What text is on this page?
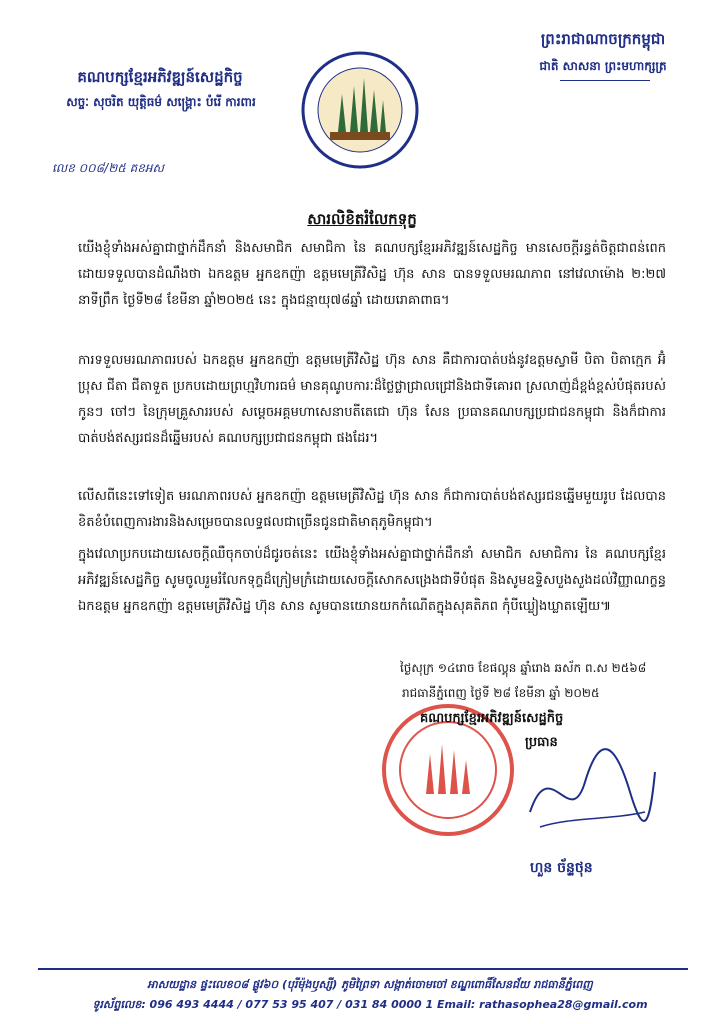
គណបក្សខ្មែរអភិវឌ្ឍន៍សេដ្ឋកិច្ច
សច្ចៈ សុចរិត យុត្តិធម៌ សង្គ្រោះ បំរើ ការពារ
លេខ ០០៨/២៥ គខអស
ព្រះរាជាណាចក្រកម្ពុជា
ជាតិ សាសនា ព្រះមហាក្សត្រ
សារលិខិតរំលែកទុក្ខ
យើងខ្ញុំទាំងអស់គ្នាជាថ្នាក់ដឹកនាំ និងសមាជិក សមាជិកា នៃ គណបក្សខ្មែរអភិវឌ្ឍន៍សេដ្ឋកិច្ច មានសេចក្តីរន្ធត់ចិត្តជាពន់ពេក ដោយទទួលបានដំណឹងថា ឯកឧត្តម អ្នកឧកញ៉ា ឧត្តមមេត្រីវិសិដ្ឋ ហ៊ុន សាន បានទទួលមរណភាព នៅវេលាម៉ោង ២:២៧ នាទីព្រឹក ថ្ងៃទី២៨ ខែមីនា ឆ្នាំ២០២៥ នេះ ក្នុងជន្មាយុ៧៨ឆ្នាំ ដោយរោគាពាធ។
ការទទួលមរណភាពរបស់ ឯកឧត្តម អ្នកឧកញ៉ា ឧត្តមមេត្រីវិសិដ្ឋ ហ៊ុន សាន គឺជាការបាត់បង់នូវឧត្តមស្វាមី បិតា បិតាក្មេក អ៊ំប្រុស ជីតា ជីតាទួត ប្រកបដោយព្រហ្មវិហារធម៌ មានគុណូបការៈដ៏ថ្លៃថ្លាជ្រាលជ្រៅនិងជាទីគោរព ស្រលាញ់ដ៏ខ្ពង់ខ្ពស់បំផុតរបស់កូនៗ ចៅៗ នៃក្រុមគ្រួសាររបស់ សម្តេចអគ្គមហាសេនាបតីតេជោ ហ៊ុន សែន ប្រធានគណបក្សប្រជាជនកម្ពុជា និងក៏ជាការបាត់បង់ឥស្សរជនដ៏ឆ្នើមរបស់ គណបក្សប្រជាជនកម្ពុជា ផងដែរ។
លើសពីនេះទៅទៀត មរណភាពរបស់ អ្នកឧកញ៉ា ឧត្តមមេត្រីវិសិដ្ឋ ហ៊ុន សាន ក៏ជាការបាត់បង់ឥស្សរជនឆ្នើមមួយរូប ដែលបានខិតខំបំពេញការងារនិងសម្រេចបានលទ្ធផលជាច្រើនជូនជាតិមាតុភូមិកម្ពុជា។
ក្នុងវេលាប្រកបដោយសេចក្តីឈឺចុកចាប់ដ៏ជូរចត់នេះ យើងខ្ញុំទាំងអស់គ្នាជាថ្នាក់ដឹកនាំ សមាជិក សមាជិការ នៃ គណបក្សខ្មែរអភិវឌ្ឍន៍សេដ្ឋកិច្ច សូមចូលរួមរំលែកទុក្ខដ៏ក្រៀមក្រំដោយសេចក្តីសោកសង្រេងជាទីបំផុត និងសូមឧទ្ទិសបួងសួងដល់វិញ្ញាណក្ខន្ធ ឯកឧត្តម អ្នកឧកញ៉ា ឧត្តមមេត្រីវិសិដ្ឋ ហ៊ុន សាន សូមបានយោនយកកំណើតក្នុងសុគតិភព កុំបីឃ្លៀងឃ្លាតឡើយ៕
ថ្ងៃសុក្រ ១៤រោច ខែផល្គុន ឆ្នាំរោង ឆស័ក ព.ស ២៥៦៨
រាជធានីភ្នំពេញ ថ្ងៃទី ២៨ ខែមីនា ឆ្នាំ ២០២៥
គណបក្សខ្មែរអភិវឌ្ឍន៍សេដ្ឋកិច្ច
ប្រធាន
ហួន ច័ន្ទថុន
អាសយដ្ឋាន ផ្ទះលេខ០៨ ផ្លូវ៦០ (បុរីម៉ុងឫស្សី) ភូមិព្រៃទា សង្កាត់ចោមចៅ ខណ្ឌពោធិ៍សែនជ័យ រាជធានីភ្នំពេញ
ទូរស័ព្ទលេខ: 096 493 4444 / 077 53 95 407 / 031 84 0000 1 Email: rathasophea28@gmail.com
